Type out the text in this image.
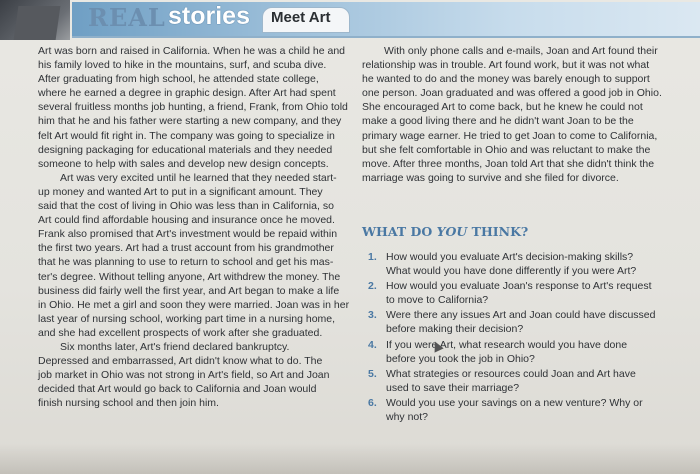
REAL stories Meet Art
Art was born and raised in California. When he was a child he and
his family loved to hike in the mountains, surf, and scuba dive.
After graduating from high school, he attended state college,
where he earned a degree in graphic design. After Art had spent
several fruitless months job hunting, a friend, Frank, from Ohio told
him that he and his father were starting a new company, and they
felt Art would fit right in. The company was going to specialize in
designing packaging for educational materials and they needed
someone to help with sales and develop new design concepts.
Art was very excited until he learned that they needed start-
up money and wanted Art to put in a significant amount. They
said that the cost of living in Ohio was less than in California, so
Art could find affordable housing and insurance once he moved.
Frank also promised that Art's investment would be repaid within
the first two years. Art had a trust account from his grandmother
that he was planning to use to return to school and get his mas-
ter's degree. Without telling anyone, Art withdrew the money. The
business did fairly well the first year, and Art began to make a life
in Ohio. He met a girl and soon they were married. Joan was in her
last year of nursing school, working part time in a nursing home,
and she had excellent prospects of work after she graduated.
Six months later, Art's friend declared bankruptcy.
Depressed and embarrassed, Art didn't know what to do. The
job market in Ohio was not strong in Art's field, so Art and Joan
decided that Art would go back to California and Joan would
finish nursing school and then join him.
With only phone calls and e-mails, Joan and Art found their
relationship was in trouble. Art found work, but it was not what
he wanted to do and the money was barely enough to support
one person. Joan graduated and was offered a good job in Ohio.
She encouraged Art to come back, but he knew he could not
make a good living there and he didn't want Joan to be the
primary wage earner. He tried to get Joan to come to California,
but she felt comfortable in Ohio and was reluctant to make the
move. After three months, Joan told Art that she didn't think the
marriage was going to survive and she filed for divorce.
WHAT DO YOU THINK?
1. How would you evaluate Art's decision-making skills?
What would you have done differently if you were Art?
2. How would you evaluate Joan's response to Art's request
to move to California?
3. Were there any issues Art and Joan could have discussed
before making their decision?
4. If you were Art, what research would you have done
before you took the job in Ohio?
5. What strategies or resources could Joan and Art have
used to save their marriage?
6. Would you use your savings on a new venture? Why or
why not?
